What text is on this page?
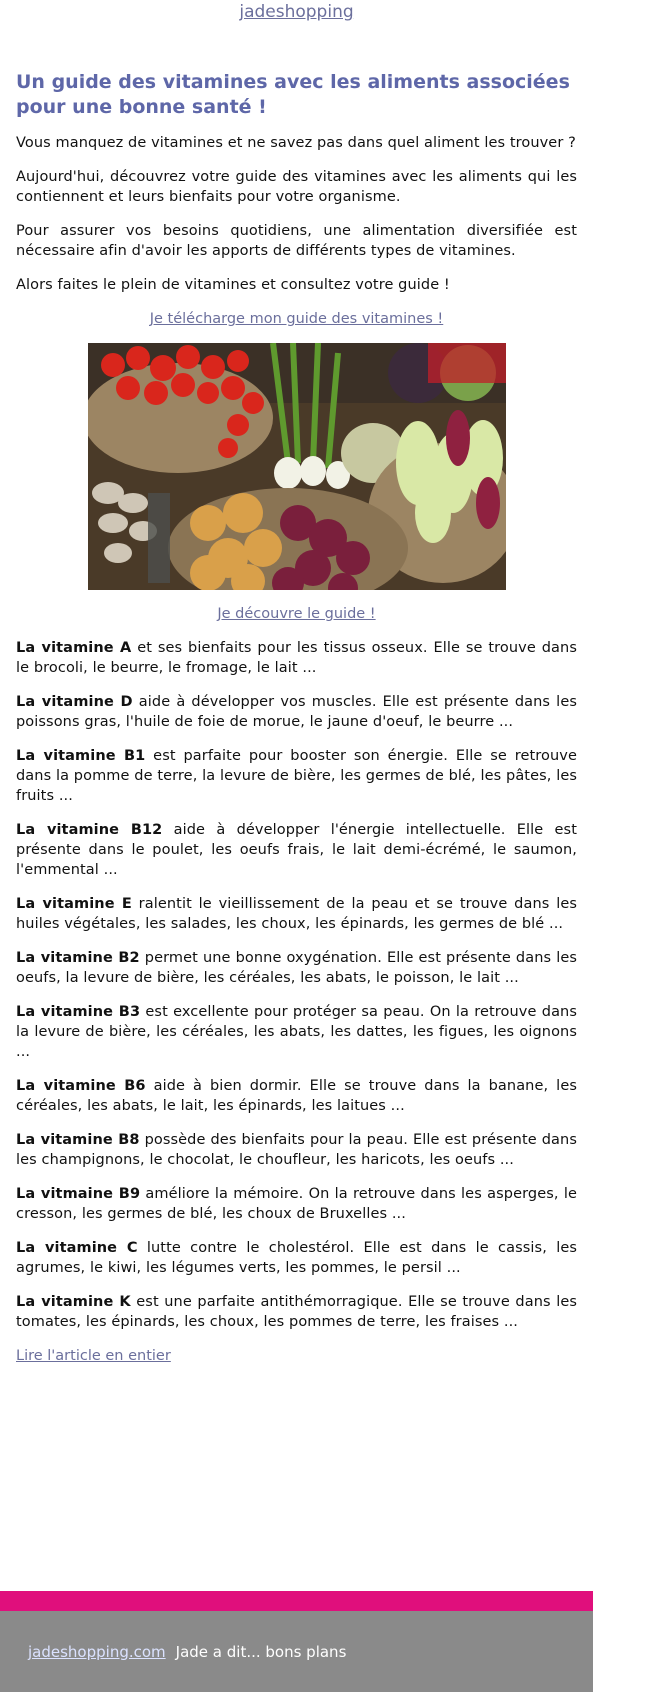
jadeshopping
Un guide des vitamines avec les aliments associées pour une bonne santé !

Vous manquez de vitamines et ne savez pas dans quel aliment les trouver ?

Aujourd'hui, découvrez votre guide des vitamines avec les aliments qui les contiennent et leurs bienfaits pour votre organisme.

Pour assurer vos besoins quotidiens, une alimentation diversifiée est nécessaire afin d'avoir les apports de différents types de vitamines.

Alors faites le plein de vitamines et consultez votre guide !

Je télécharge mon guide des vitamines !
Je découvre le guide !

La vitamine A et ses bienfaits pour les tissus osseux. Elle se trouve dans le brocoli, le beurre, le fromage, le lait ...

La vitamine D aide à développer vos muscles. Elle est présente dans les poissons gras, l'huile de foie de morue, le jaune d'oeuf, le beurre ...

La vitamine B1 est parfaite pour booster son énergie. Elle se retrouve dans la pomme de terre, la levure de bière, les germes de blé, les pâtes, les fruits ...

La vitamine B12 aide à développer l'énergie intellectuelle. Elle est présente dans le poulet, les oeufs frais, le lait demi-écrémé, le saumon, l'emmental ...

La vitamine E ralentit le vieillissement de la peau et se trouve dans les huiles végétales, les salades, les choux, les épinards, les germes de blé ...

La vitamine B2 permet une bonne oxygénation. Elle est présente dans les oeufs, la levure de bière, les céréales, les abats, le poisson, le lait ...

La vitamine B3 est excellente pour protéger sa peau. On la retrouve dans la levure de bière, les céréales, les abats, les dattes, les figues, les oignons ...

La vitamine B6 aide à bien dormir. Elle se trouve dans la banane, les céréales, les abats, le lait, les épinards, les laitues ...

La vitamine B8 possède des bienfaits pour la peau. Elle est présente dans les champignons, le chocolat, le choufleur, les haricots, les oeufs ...

La vitmaine B9 améliore la mémoire. On la retrouve dans les asperges, le cresson, les germes de blé, les choux de Bruxelles ...

La vitamine C lutte contre le cholestérol. Elle est dans le cassis, les agrumes, le kiwi, les légumes verts, les pommes, le persil ...

La vitamine K est une parfaite antithémorragique. Elle se trouve dans les tomates, les épinards, les choux, les pommes de terre, les fraises ...

Lire l'article en entier
jadeshopping.com Jade a dit... bons plans
